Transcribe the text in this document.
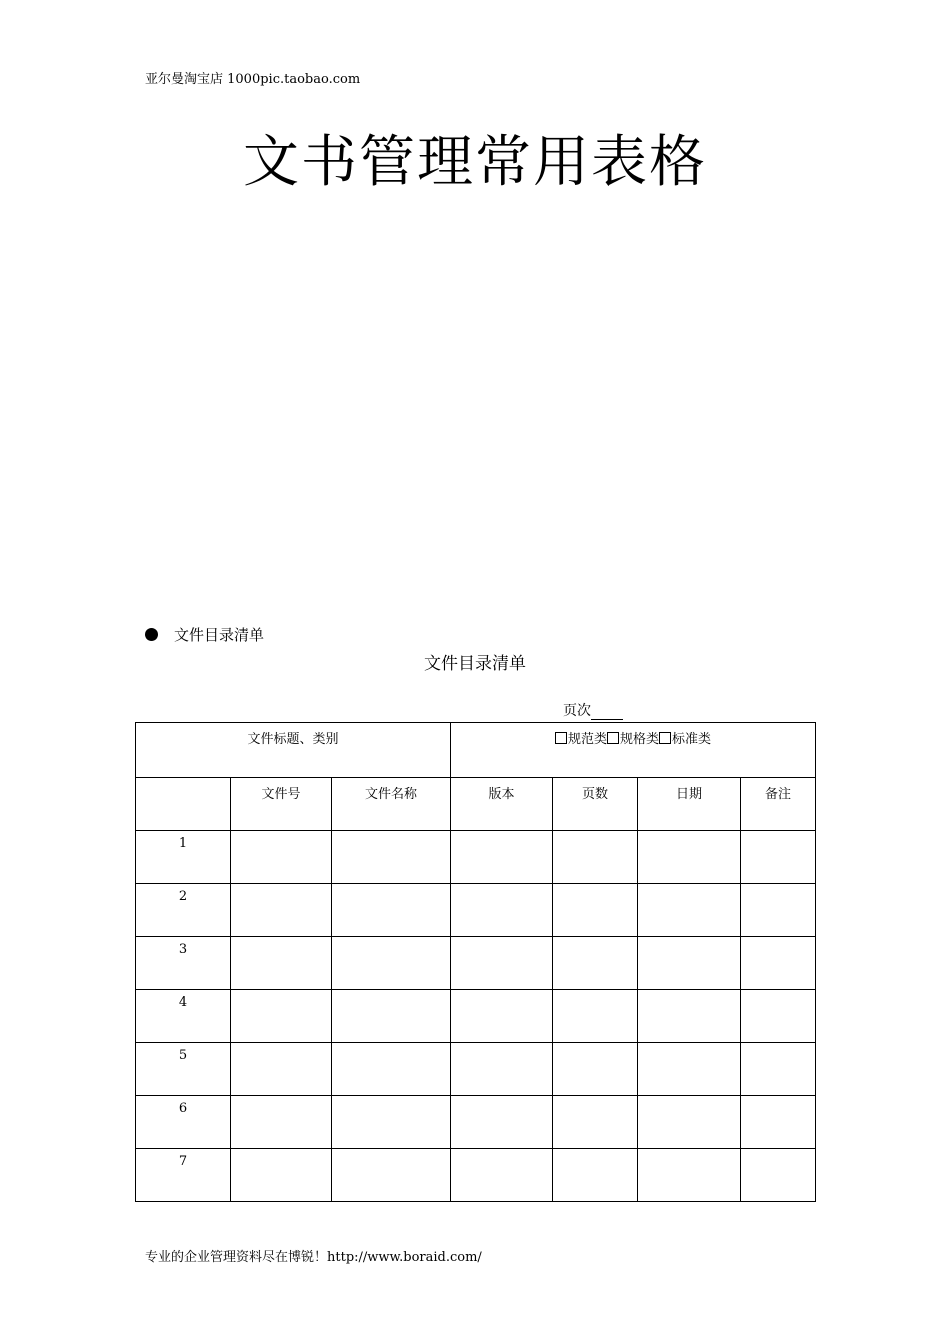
亚尔曼淘宝店 1000pic.taobao.com
文书管理常用表格
文件目录清单
文件目录清单
页次
文件标题、类别			规范类 规格类 标准类			
	文件号	文件名称	版本	页数	日期	备注
1						
2						
3						
4						
5						
6						
7						
专业的企业管理资料尽在博锐！http://www.boraid.com/
